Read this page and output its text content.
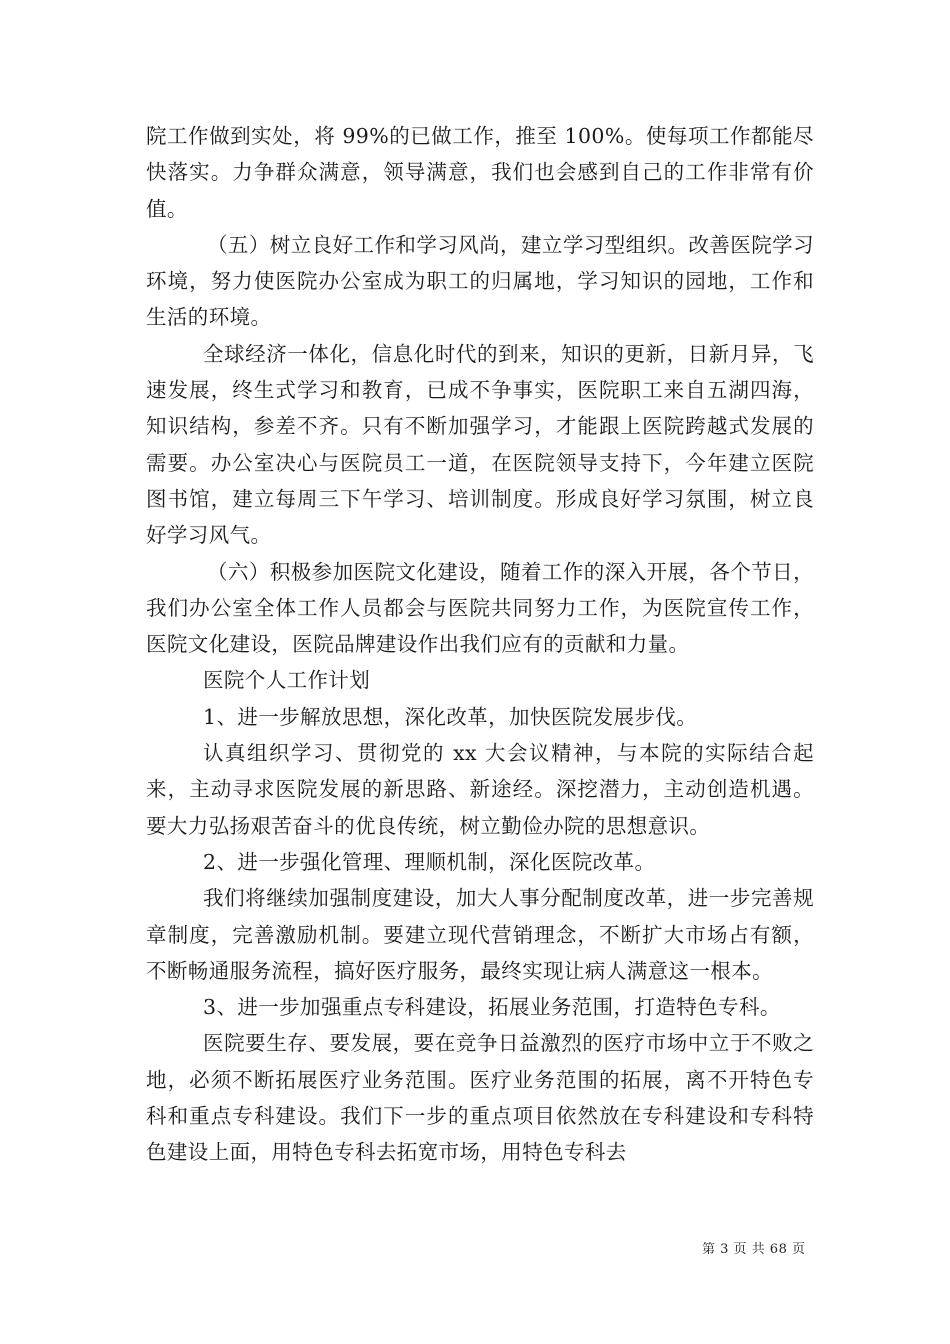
院工作做到实处，将 99%的已做工作，推至 100%。使每项工作都能尽快落实。力争群众满意，领导满意，我们也会感到自己的工作非常有价值。

（五）树立良好工作和学习风尚，建立学习型组织。改善医院学习环境，努力使医院办公室成为职工的归属地，学习知识的园地，工作和生活的环境。

全球经济一体化，信息化时代的到来，知识的更新，日新月异，飞速发展，终生式学习和教育，已成不争事实，医院职工来自五湖四海，知识结构，参差不齐。只有不断加强学习，才能跟上医院跨越式发展的需要。办公室决心与医院员工一道，在医院领导支持下，今年建立医院图书馆，建立每周三下午学习、培训制度。形成良好学习氛围，树立良好学习风气。

（六）积极参加医院文化建设，随着工作的深入开展，各个节日，我们办公室全体工作人员都会与医院共同努力工作，为医院宣传工作，医院文化建设，医院品牌建设作出我们应有的贡献和力量。

医院个人工作计划

1、进一步解放思想，深化改革，加快医院发展步伐。

认真组织学习、贯彻党的 xx 大会议精神，与本院的实际结合起来，主动寻求医院发展的新思路、新途经。深挖潜力，主动创造机遇。要大力弘扬艰苦奋斗的优良传统，树立勤俭办院的思想意识。

2、进一步强化管理、理顺机制，深化医院改革。

我们将继续加强制度建设，加大人事分配制度改革，进一步完善规章制度，完善激励机制。要建立现代营销理念，不断扩大市场占有额，不断畅通服务流程，搞好医疗服务，最终实现让病人满意这一根本。

3、进一步加强重点专科建设，拓展业务范围，打造特色专科。

医院要生存、要发展，要在竞争日益激烈的医疗市场中立于不败之地，必须不断拓展医疗业务范围。医疗业务范围的拓展，离不开特色专科和重点专科建设。我们下一步的重点项目依然放在专科建设和专科特色建设上面，用特色专科去拓宽市场，用特色专科去

第 3 页 共 68 页
